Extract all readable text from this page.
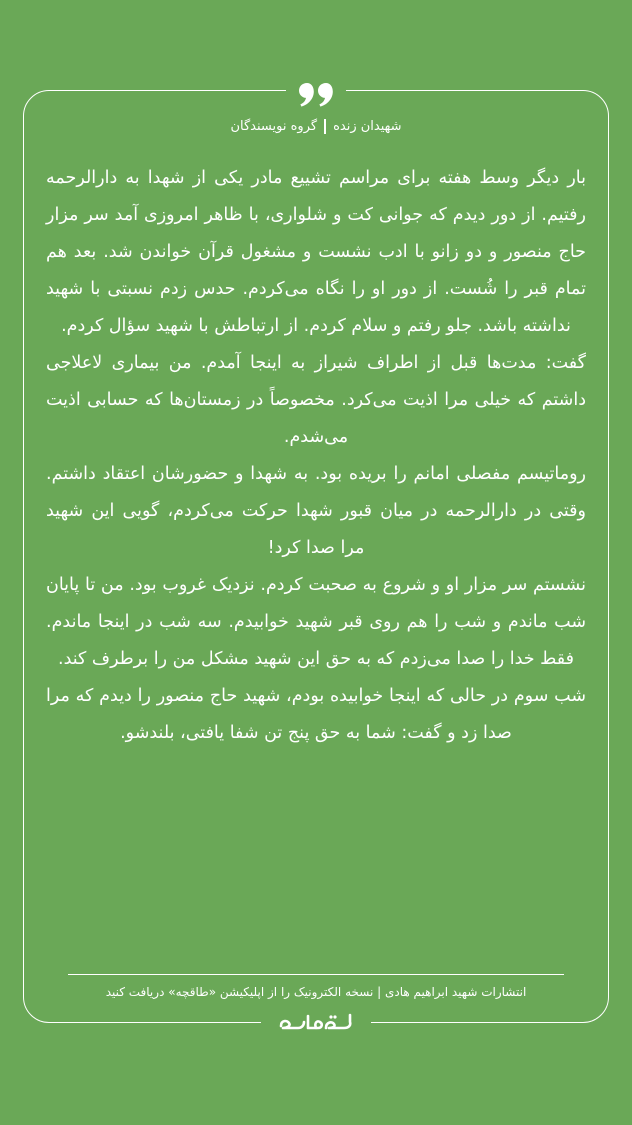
شهیدان زندهگروه نویسندگان

بار دیگر وسط هفته برای مراسم تشییع مادر یکی از شهدا به دارالرحمه رفتیم. از دور دیدم که جوانی کت و شلواری، با ظاهر امروزی آمد سر مزار حاج منصور و دو زانو با ادب نشست و مشغول قرآن خواندن شد. بعد هم تمام قبر را شُست. از دور او را نگاه می‌کردم. حدس زدم نسبتی با شهید نداشته باشد. جلو رفتم و سلام کردم. از ارتباطش با شهید سؤال کردم.

گفت: مدت‌ها قبل از اطراف شیراز به اینجا آمدم. من بیماری لاعلاجی داشتم که خیلی مرا اذیت می‌کرد. مخصوصاً در زمستان‌ها که حسابی اذیت می‌شدم.

روماتیسم مفصلی امانم را بریده بود. به شهدا و حضورشان اعتقاد داشتم. وقتی در دارالرحمه در میان قبور شهدا حرکت می‌کردم، گویی این شهید مرا صدا کرد!

نشستم سر مزار او و شروع به صحبت کردم. نزدیک غروب بود. من تا پایان شب ماندم و شب را هم روی قبر شهید خوابیدم. سه شب در اینجا ماندم. فقط خدا را صدا می‌زدم که به حق این شهید مشکل من را برطرف کند.

شب سوم در حالی که اینجا خوابیده بودم، شهید حاج منصور را دیدم که مرا صدا زد و گفت: شما به حق پنج تن شفا یافتی، بلندشو.

انتشارات شهید ابراهیم هادی | نسخه الکترونیک را از اپلیکیشن «طاقچه» دریافت کنید
